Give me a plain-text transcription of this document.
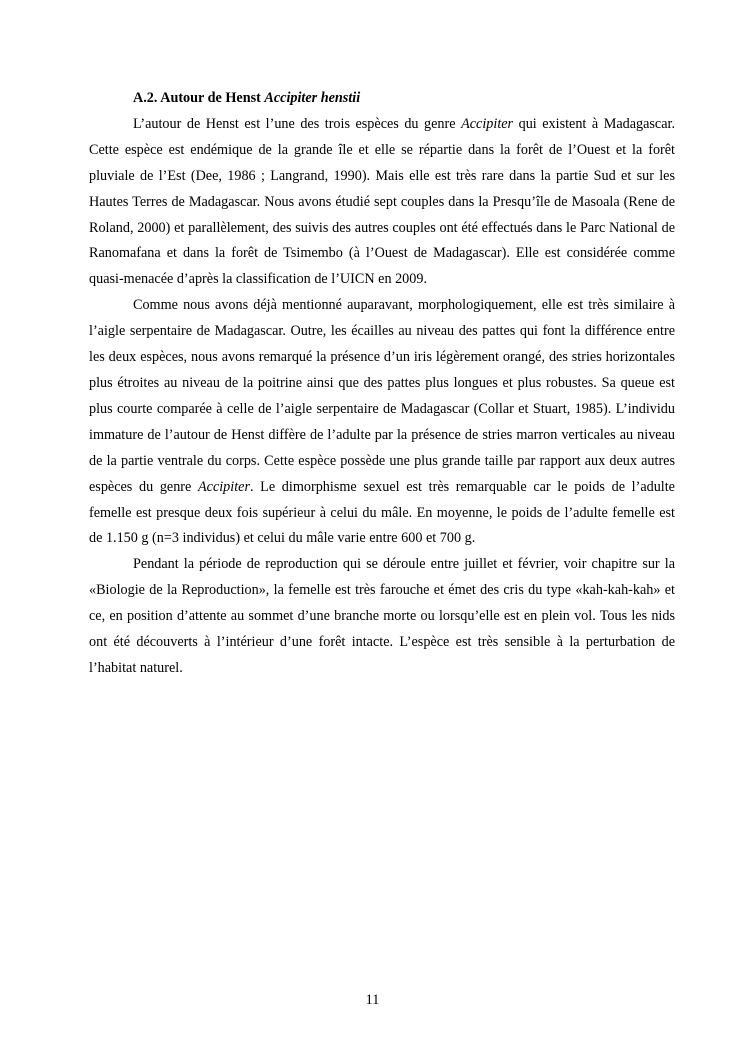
A.2. Autour de Henst Accipiter henstii

L’autour de Henst est l’une des trois espèces du genre Accipiter qui existent à Madagascar. Cette espèce est endémique de la grande île et elle se répartie dans la forêt de l’Ouest et la forêt pluviale de l’Est (Dee, 1986 ; Langrand, 1990). Mais elle est très rare dans la partie Sud et sur les Hautes Terres de Madagascar. Nous avons étudié sept couples dans la Presqu’île de Masoala (Rene de Roland, 2000) et parallèlement, des suivis des autres couples ont été effectués dans le Parc National de Ranomafana et dans la forêt de Tsimembo (à l’Ouest de Madagascar). Elle est considérée comme quasi-menacée d’après la classification de l’UICN en 2009.

Comme nous avons déjà mentionné auparavant, morphologiquement, elle est très similaire à l’aigle serpentaire de Madagascar. Outre, les écailles au niveau des pattes qui font la différence entre les deux espèces, nous avons remarqué la présence d’un iris légèrement orangé, des stries horizontales plus étroites au niveau de la poitrine ainsi que des pattes plus longues et plus robustes. Sa queue est plus courte comparée à celle de l’aigle serpentaire de Madagascar (Collar et Stuart, 1985). L’individu immature de l’autour de Henst diffère de l’adulte par la présence de stries marron verticales au niveau de la partie ventrale du corps. Cette espèce possède une plus grande taille par rapport aux deux autres espèces du genre Accipiter. Le dimorphisme sexuel est très remarquable car le poids de l’adulte femelle est presque deux fois supérieur à celui du mâle. En moyenne, le poids de l’adulte femelle est de 1.150 g (n=3 individus) et celui du mâle varie entre 600 et 700 g.

Pendant la période de reproduction qui se déroule entre juillet et février, voir chapitre sur la «Biologie de la Reproduction», la femelle est très farouche et émet des cris du type «kah-kah-kah» et ce, en position d’attente au sommet d’une branche morte ou lorsqu’elle est en plein vol. Tous les nids ont été découverts à l’intérieur d’une forêt intacte. L’espèce est très sensible à la perturbation de l’habitat naturel.

11
